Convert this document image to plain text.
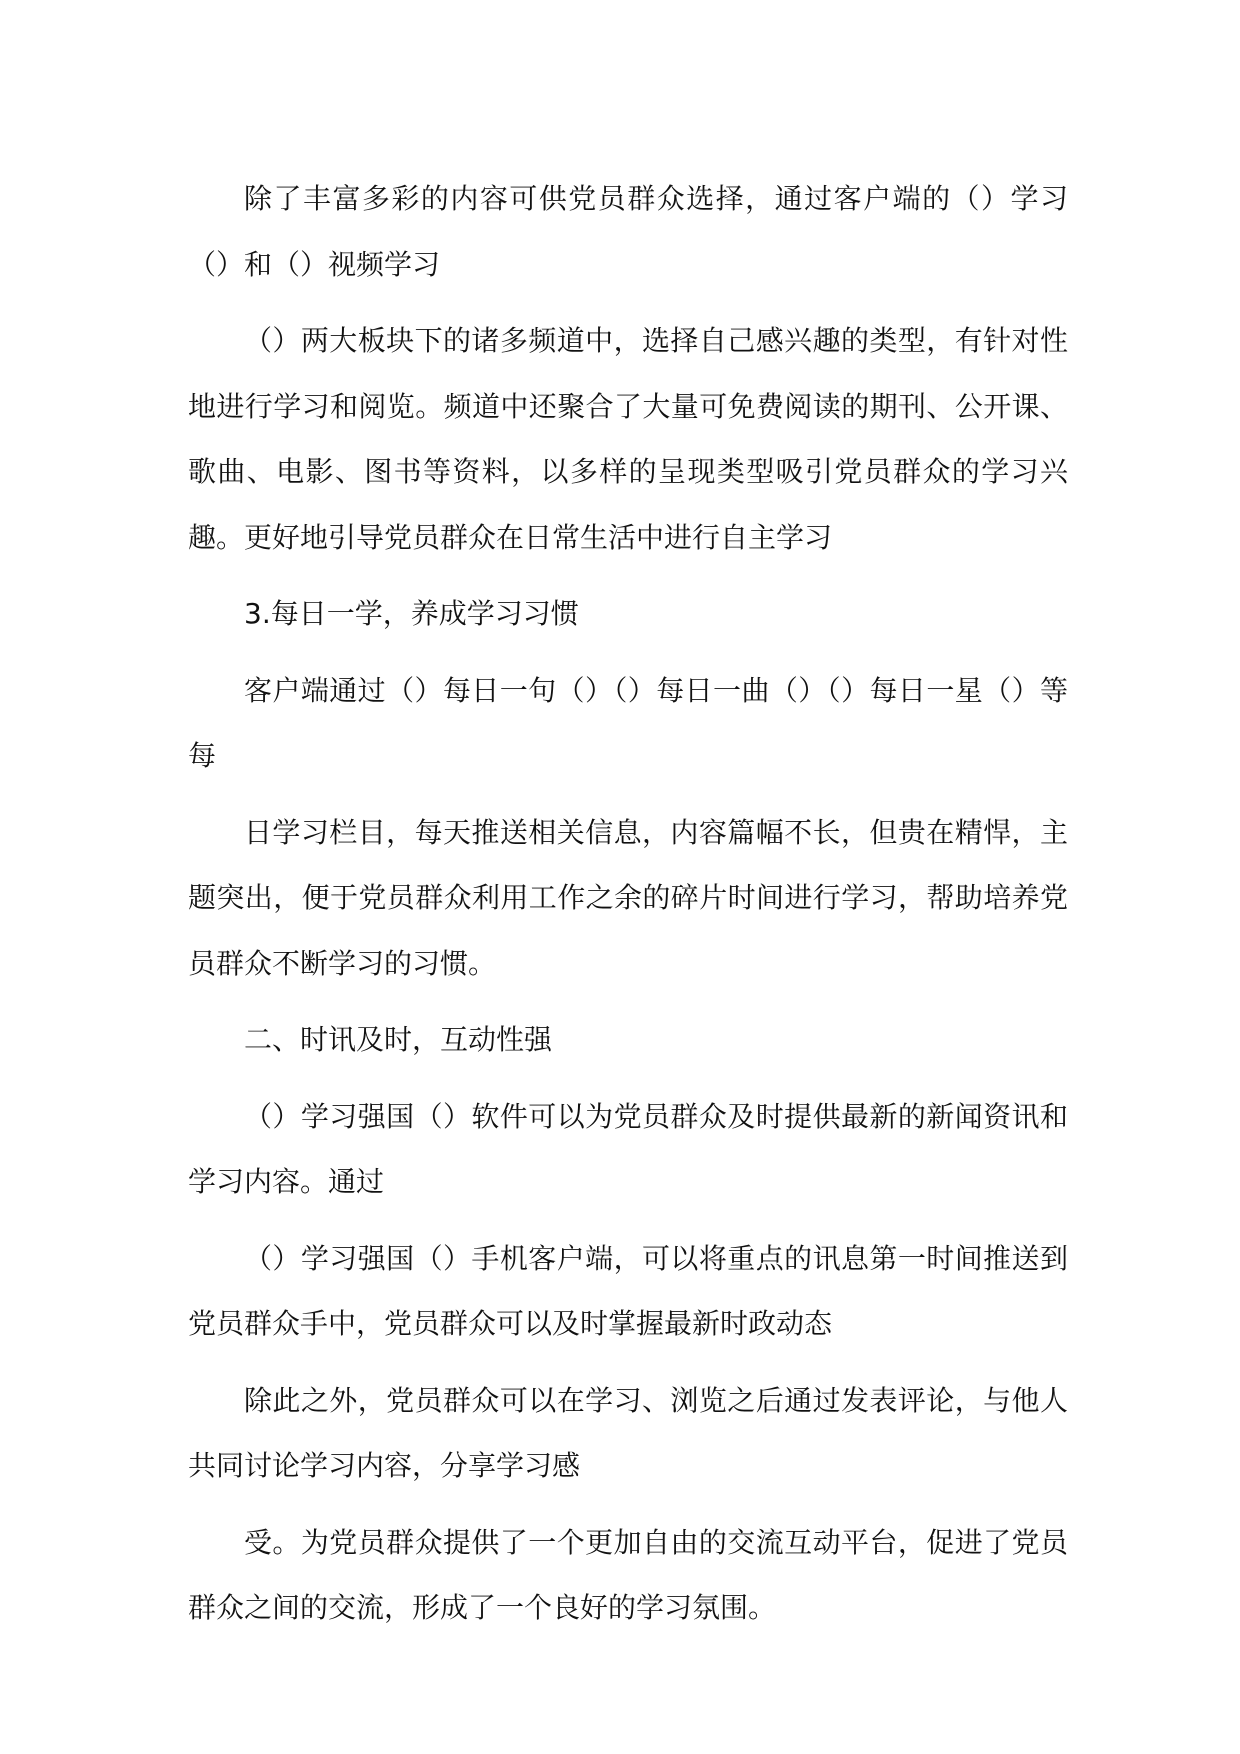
除了丰富多彩的内容可供党员群众选择，通过客户端的（）学习（）和（）视频学习

（）两大板块下的诸多频道中，选择自己感兴趣的类型，有针对性地进行学习和阅览。频道中还聚合了大量可免费阅读的期刊、公开课、歌曲、电影、图书等资料，以多样的呈现类型吸引党员群众的学习兴趣。更好地引导党员群众在日常生活中进行自主学习

3.每日一学，养成学习习惯

客户端通过（）每日一句（）（）每日一曲（）（）每日一星（）等每

日学习栏目，每天推送相关信息，内容篇幅不长，但贵在精悍，主题突出，便于党员群众利用工作之余的碎片时间进行学习，帮助培养党员群众不断学习的习惯。

二、时讯及时，互动性强

（）学习强国（）软件可以为党员群众及时提供最新的新闻资讯和学习内容。通过

（）学习强国（）手机客户端，可以将重点的讯息第一时间推送到党员群众手中，党员群众可以及时掌握最新时政动态

除此之外，党员群众可以在学习、浏览之后通过发表评论，与他人共同讨论学习内容，分享学习感

受。为党员群众提供了一个更加自由的交流互动平台，促进了党员群众之间的交流，形成了一个良好的学习氛围。
